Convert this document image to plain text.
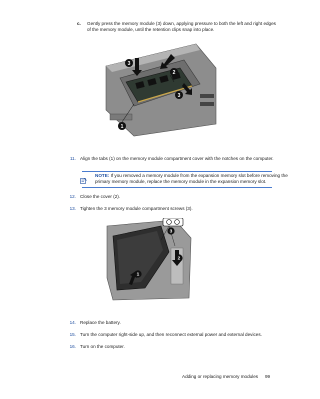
c. Gently press the memory module (3) down, applying pressure to both the left and right edges
of the memory module, until the retention clips snap into place.
3
2
3
1
11. Align the tabs (1) on the memory module compartment cover with the notches on the computer.
NOTE: If you removed a memory module from the expansion memory slot before removing the
primary memory module, replace the memory module in the expansion memory slot.
12. Close the cover (2).
13. Tighten the 3 memory module compartment screws (3).
3
2
1
14. Replace the battery.
15. Turn the computer right-side up, and then reconnect external power and external devices.
16. Turn on the computer.
Adding or replacing memory modules 99
